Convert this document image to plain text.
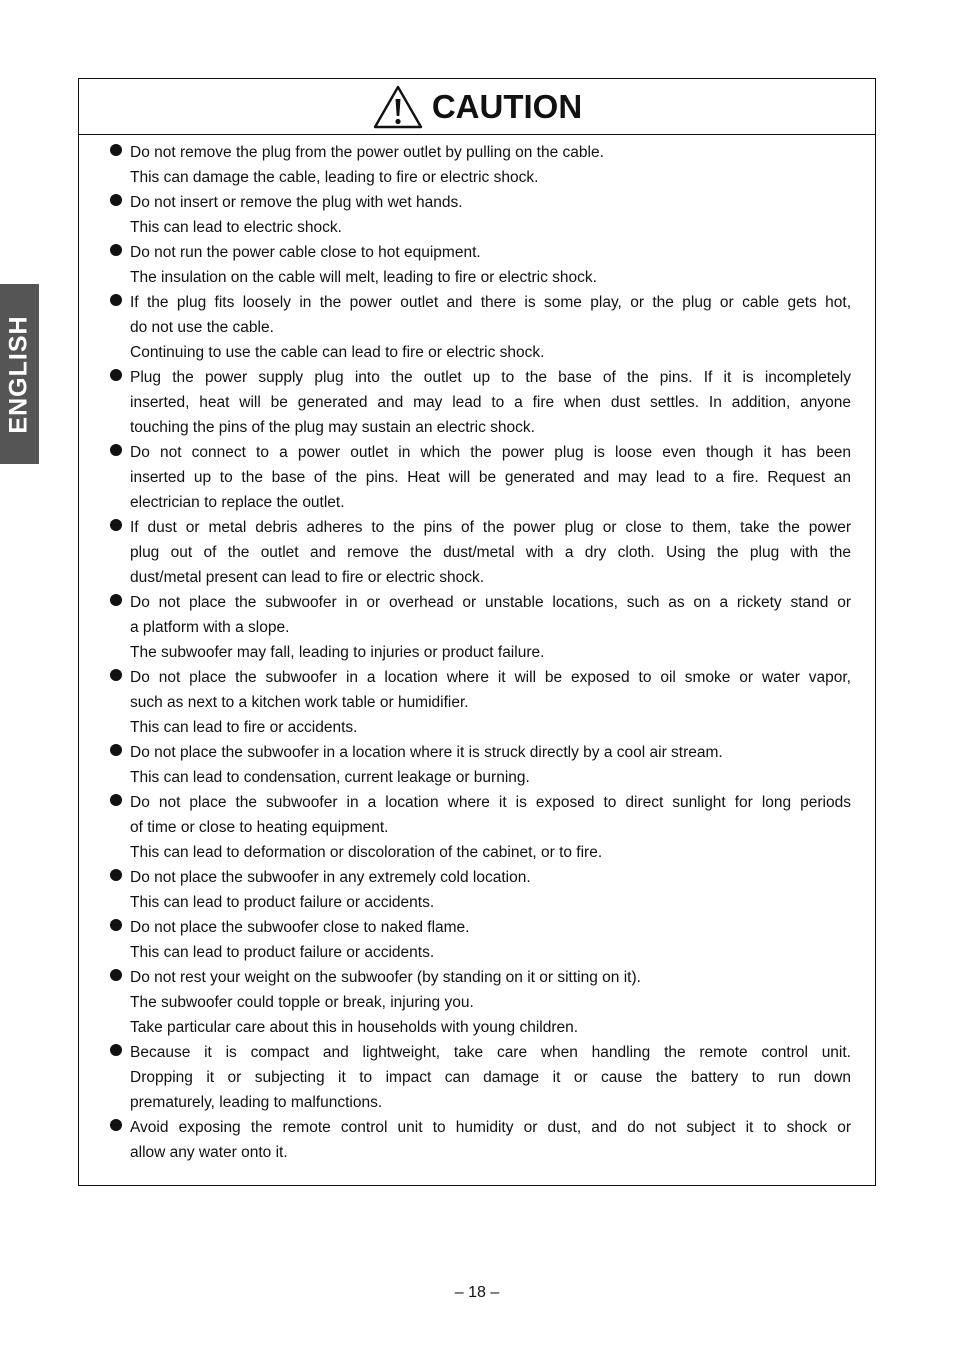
ENGLISH
CAUTION
Do not remove the plug from the power outlet by pulling on the cable.
This can damage the cable, leading to fire or electric shock.
Do not insert or remove the plug with wet hands.
This can lead to electric shock.
Do not run the power cable close to hot equipment.
The insulation on the cable will melt, leading to fire or electric shock.
If the plug fits loosely in the power outlet and there is some play, or the plug or cable gets hot,
do not use the cable.
Continuing to use the cable can lead to fire or electric shock.
Plug the power supply plug into the outlet up to the base of the pins. If it is incompletely
inserted, heat will be generated and may lead to a fire when dust settles. In addition, anyone
touching the pins of the plug may sustain an electric shock.
Do not connect to a power outlet in which the power plug is loose even though it has been
inserted up to the base of the pins. Heat will be generated and may lead to a fire. Request an
electrician to replace the outlet.
If dust or metal debris adheres to the pins of the power plug or close to them, take the power
plug out of the outlet and remove the dust/metal with a dry cloth. Using the plug with the
dust/metal present can lead to fire or electric shock.
Do not place the subwoofer in or overhead or unstable locations, such as on a rickety stand or
a platform with a slope.
The subwoofer may fall, leading to injuries or product failure.
Do not place the subwoofer in a location where it will be exposed to oil smoke or water vapor,
such as next to a kitchen work table or humidifier.
This can lead to fire or accidents.
Do not place the subwoofer in a location where it is struck directly by a cool air stream.
This can lead to condensation, current leakage or burning.
Do not place the subwoofer in a location where it is exposed to direct sunlight for long periods
of time or close to heating equipment.
This can lead to deformation or discoloration of the cabinet, or to fire.
Do not place the subwoofer in any extremely cold location.
This can lead to product failure or accidents.
Do not place the subwoofer close to naked flame.
This can lead to product failure or accidents.
Do not rest your weight on the subwoofer (by standing on it or sitting on it).
The subwoofer could topple or break, injuring you.
Take particular care about this in households with young children.
Because it is compact and lightweight, take care when handling the remote control unit.
Dropping it or subjecting it to impact can damage it or cause the battery to run down
prematurely, leading to malfunctions.
Avoid exposing the remote control unit to humidity or dust, and do not subject it to shock or
allow any water onto it.
– 18 –
